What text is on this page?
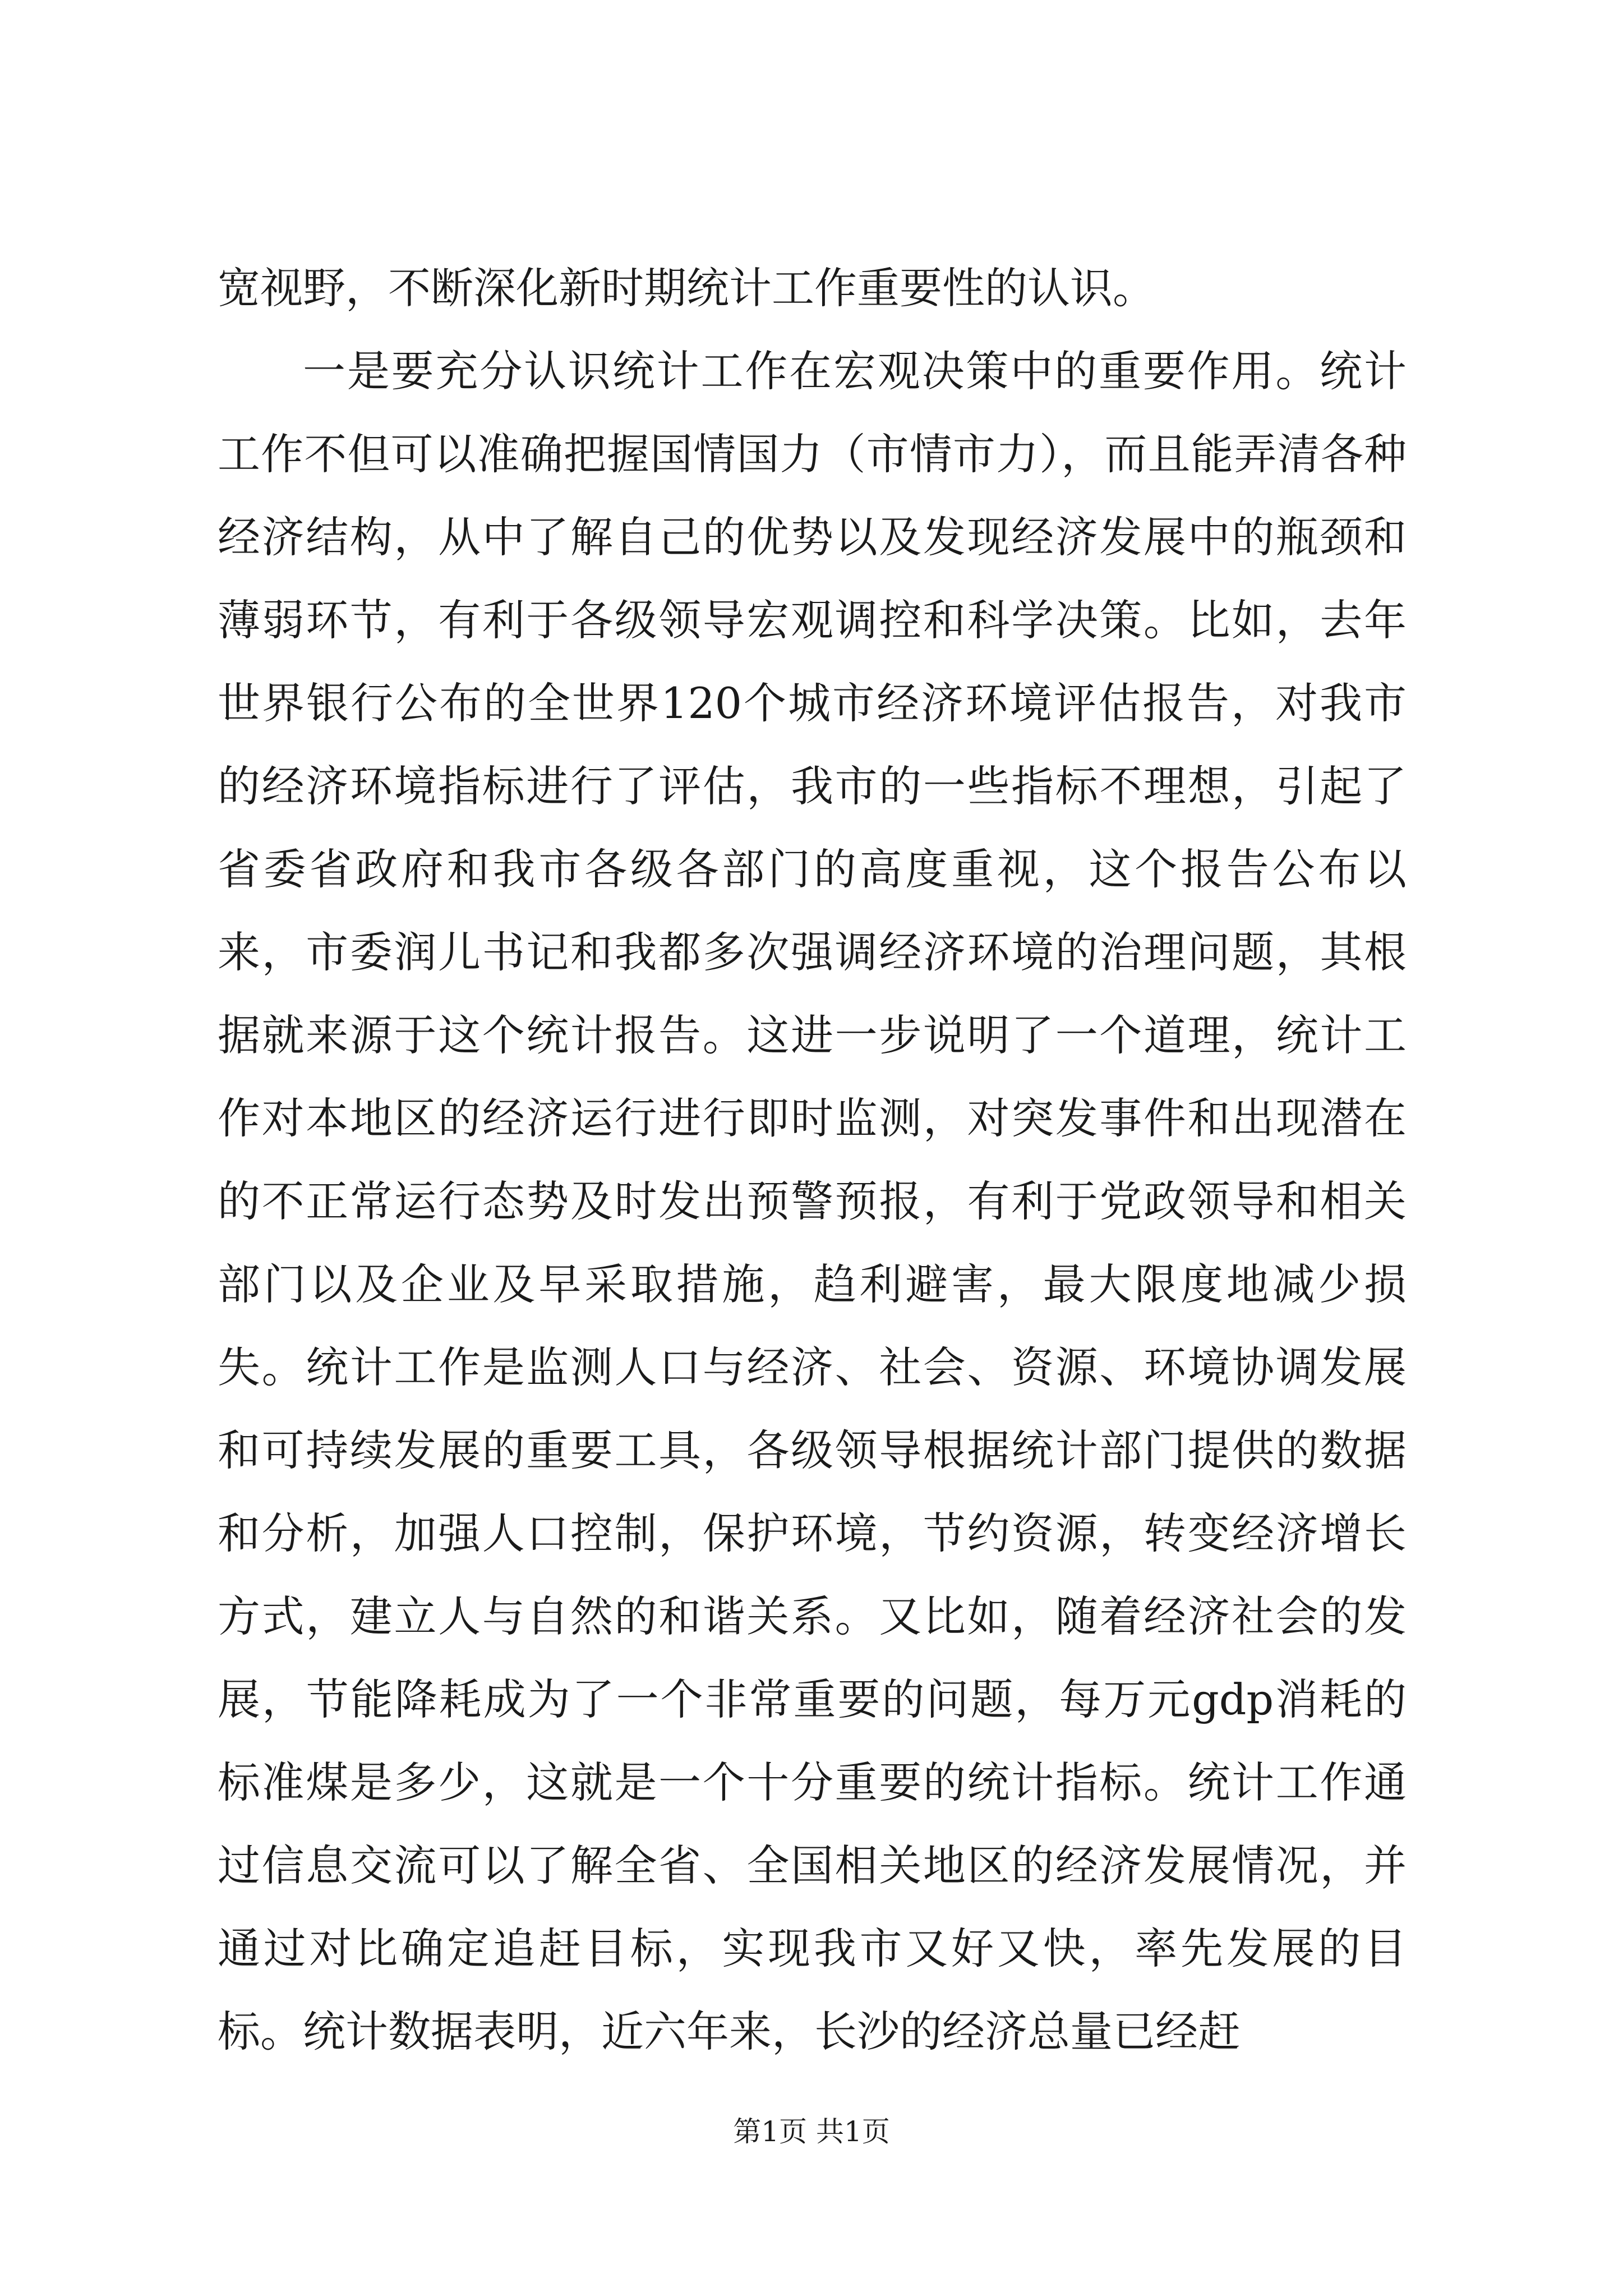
宽视野，不断深化新时期统计工作重要性的认识。

一是要充分认识统计工作在宏观决策中的重要作用。统计工作不但可以准确把握国情国力（市情市力），而且能弄清各种经济结构，从中了解自己的优势以及发现经济发展中的瓶颈和薄弱环节，有利于各级领导宏观调控和科学决策。比如，去年世界银行公布的全世界120个城市经济环境评估报告，对我市的经济环境指标进行了评估，我市的一些指标不理想，引起了省委省政府和我市各级各部门的高度重视，这个报告公布以来，市委润儿书记和我都多次强调经济环境的治理问题，其根据就来源于这个统计报告。这进一步说明了一个道理，统计工作对本地区的经济运行进行即时监测，对突发事件和出现潜在的不正常运行态势及时发出预警预报，有利于党政领导和相关部门以及企业及早采取措施，趋利避害，最大限度地减少损失。统计工作是监测人口与经济、社会、资源、环境协调发展和可持续发展的重要工具，各级领导根据统计部门提供的数据和分析，加强人口控制，保护环境，节约资源，转变经济增长方式，建立人与自然的和谐关系。又比如，随着经济社会的发展，节能降耗成为了一个非常重要的问题，每万元gdp消耗的标准煤是多少，这就是一个十分重要的统计指标。统计工作通过信息交流可以了解全省、全国相关地区的经济发展情况，并通过对比确定追赶目标，实现我市又好又快，率先发展的目标。统计数据表明，近六年来，长沙的经济总量已经赶

第1页 共1页
